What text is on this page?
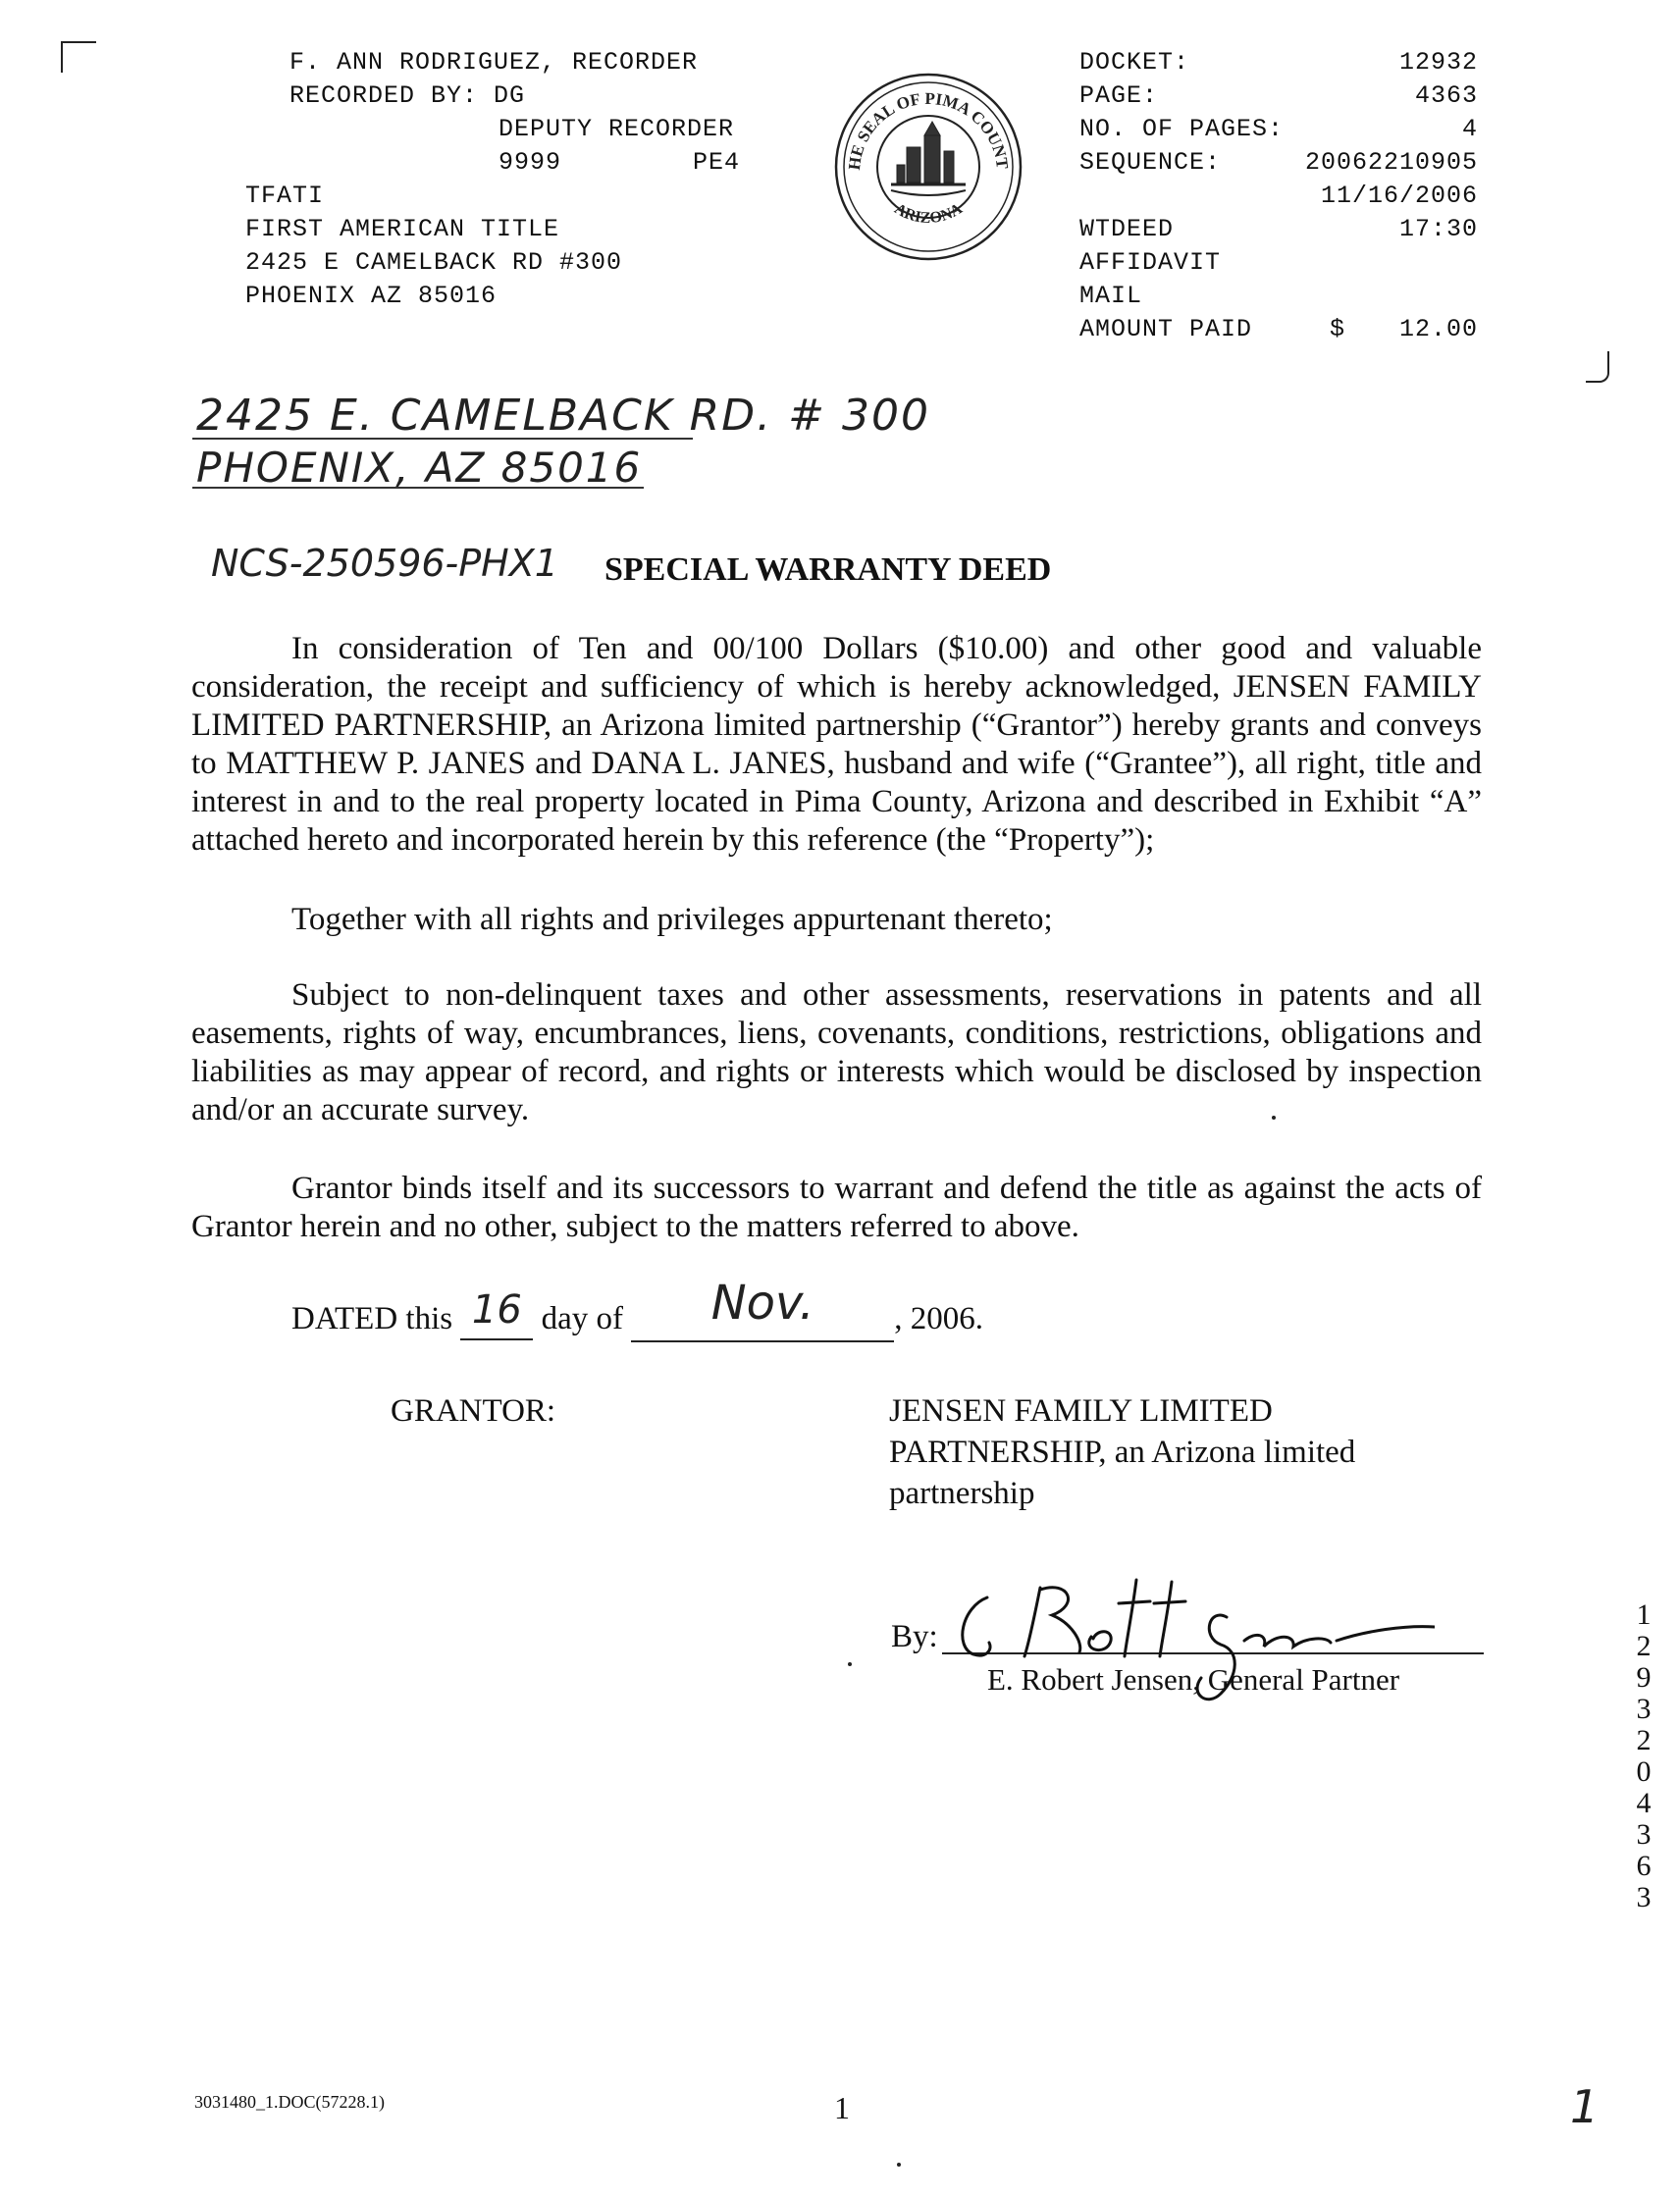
F. ANN RODRIGUEZ, RECORDER
RECORDED BY: DG
DEPUTY RECORDER
9999	PE4
TFATI
FIRST AMERICAN TITLE
2425 E CAMELBACK RD #300
PHOENIX AZ 85016
HE SEAL OF PIMA COUNT
ARIZONA
DOCKET:	12932
PAGE:	4363
NO. OF PAGES:	4
SEQUENCE:	20062210905
11/16/2006
WTDEED	17:30
AFFIDAVIT
MAIL
AMOUNT PAID	$	12.00
2425 E. CAMELBACK RD. # 300
PHOENIX, AZ 85016
NCS-250596-PHX1 SPECIAL WARRANTY DEED
In consideration of Ten and 00/100 Dollars ($10.00) and other good and valuable consideration, the receipt and sufficiency of which is hereby acknowledged, JENSEN FAMILY LIMITED PARTNERSHIP, an Arizona limited partnership (“Grantor”) hereby grants and conveys to MATTHEW P. JANES and DANA L. JANES, husband and wife (“Grantee”), all right, title and interest in and to the real property located in Pima County, Arizona and described in Exhibit “A” attached hereto and incorporated herein by this reference (the “Property”);
Together with all rights and privileges appurtenant thereto;
Subject to non-delinquent taxes and other assessments, reservations in patents and all easements, rights of way, encumbrances, liens, covenants, conditions, restrictions, obligations and liabilities as may appear of record, and rights or interests which would be disclosed by inspection and/or an accurate survey.
Grantor binds itself and its successors to warrant and defend the title as against the acts of Grantor herein and no other, subject to the matters referred to above.
DATED this 16 day of Nov. , 2006.
GRANTOR:	JENSEN FAMILY LIMITED
PARTNERSHIP, an Arizona limited
partnership
By:
E. Robert Jensen, General Partner
1 2 9 3 2 0 4 3 6 3
3031480_1.DOC(57228.1)	1	1
